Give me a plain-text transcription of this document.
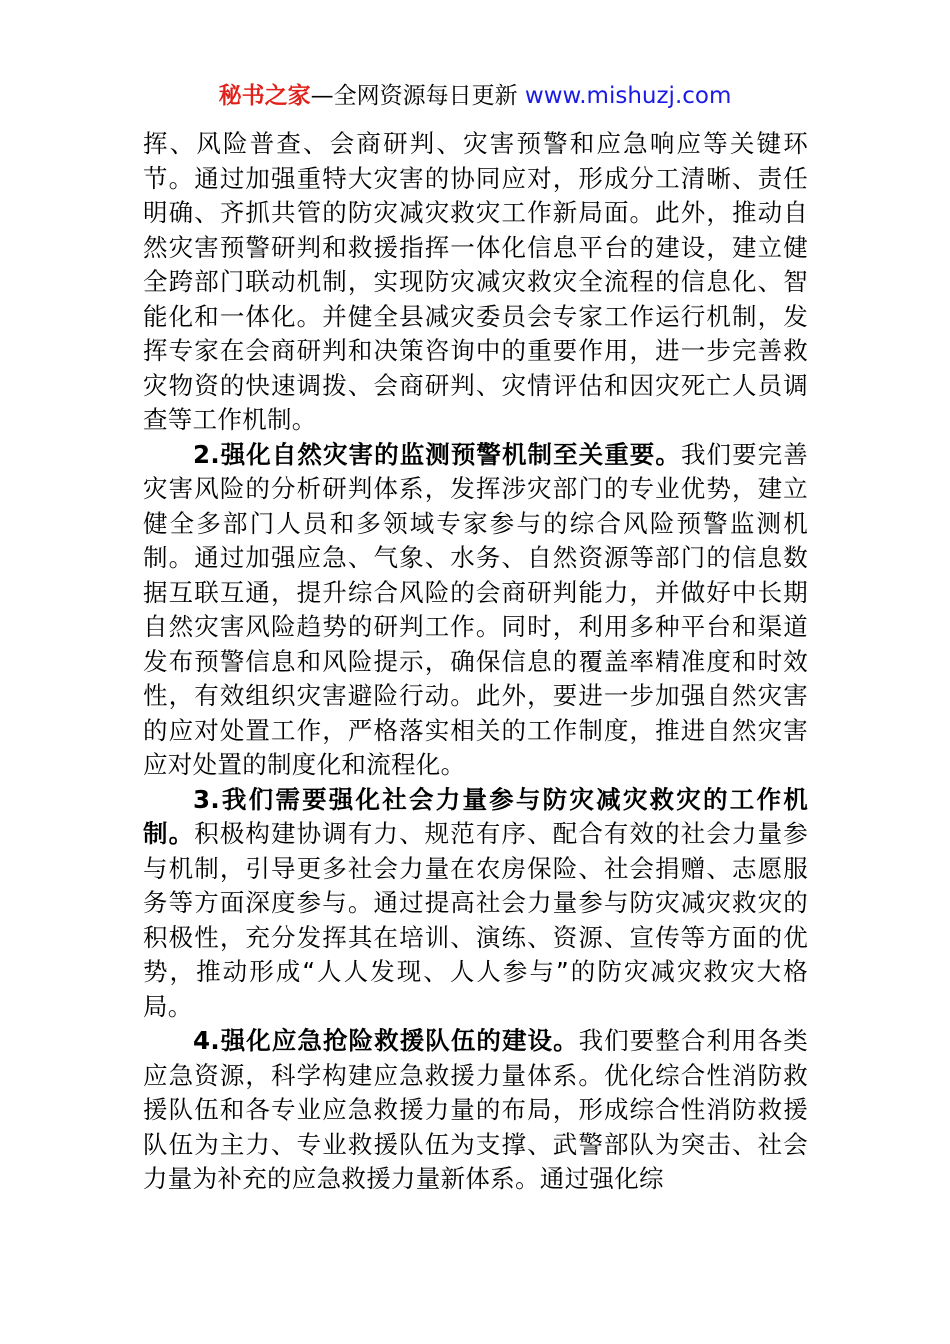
秘书之家—全网资源每日更新 www.mishuzj.com

挥、风险普查、会商研判、灾害预警和应急响应等关键环节。通过加强重特大灾害的协同应对，形成分工清晰、责任明确、齐抓共管的防灾减灾救灾工作新局面。此外，推动自然灾害预警研判和救援指挥一体化信息平台的建设，建立健全跨部门联动机制，实现防灾减灾救灾全流程的信息化、智能化和一体化。并健全县减灾委员会专家工作运行机制，发挥专家在会商研判和决策咨询中的重要作用，进一步完善救灾物资的快速调拨、会商研判、灾情评估和因灾死亡人员调查等工作机制。

2.强化自然灾害的监测预警机制至关重要。我们要完善灾害风险的分析研判体系，发挥涉灾部门的专业优势，建立健全多部门人员和多领域专家参与的综合风险预警监测机制。通过加强应急、气象、水务、自然资源等部门的信息数据互联互通，提升综合风险的会商研判能力，并做好中长期自然灾害风险趋势的研判工作。同时，利用多种平台和渠道发布预警信息和风险提示，确保信息的覆盖率精准度和时效性，有效组织灾害避险行动。此外，要进一步加强自然灾害的应对处置工作，严格落实相关的工作制度，推进自然灾害应对处置的制度化和流程化。

3.我们需要强化社会力量参与防灾减灾救灾的工作机制。积极构建协调有力、规范有序、配合有效的社会力量参与机制，引导更多社会力量在农房保险、社会捐赠、志愿服务等方面深度参与。通过提高社会力量参与防灾减灾救灾的积极性，充分发挥其在培训、演练、资源、宣传等方面的优势，推动形成“人人发现、人人参与”的防灾减灾救灾大格局。

4.强化应急抢险救援队伍的建设。我们要整合利用各类应急资源，科学构建应急救援力量体系。优化综合性消防救援队伍和各专业应急救援力量的布局，形成综合性消防救援队伍为主力、专业救援队伍为支撑、武警部队为突击、社会力量为补充的应急救援力量新体系。通过强化综
